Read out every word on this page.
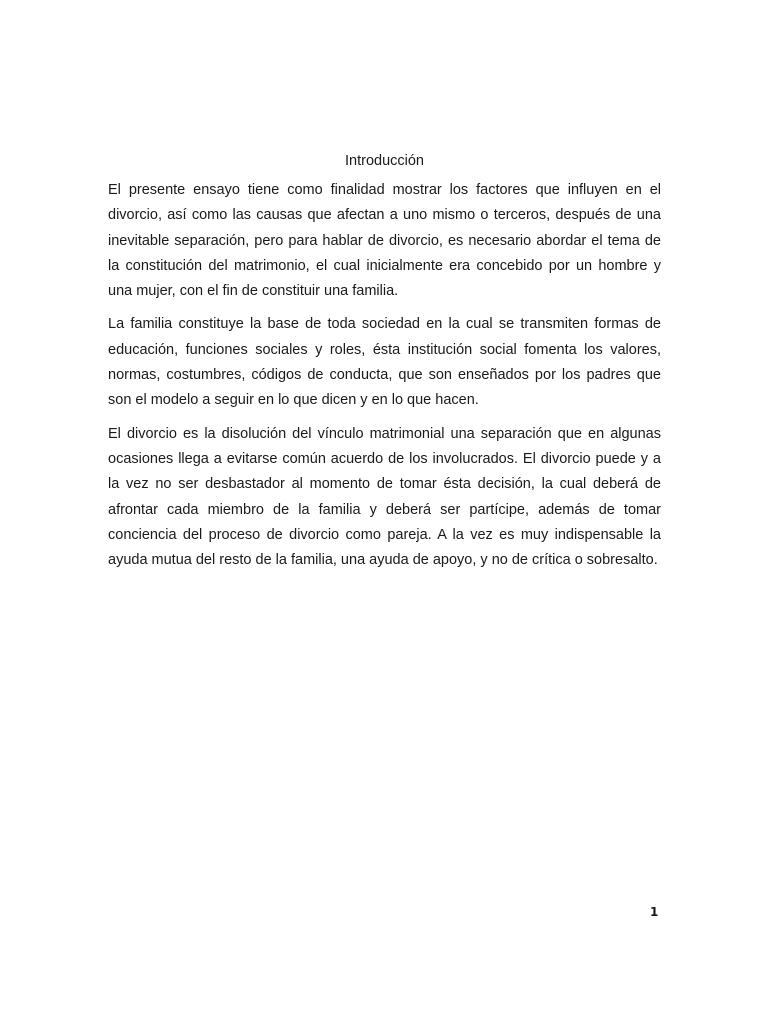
Introducción

El presente ensayo tiene como finalidad mostrar los factores que influyen en el divorcio, así como las causas que afectan a uno mismo o terceros, después de una inevitable separación, pero para hablar de divorcio, es necesario abordar el tema de la constitución del matrimonio, el cual inicialmente era concebido por un hombre y una mujer, con el fin de constituir una familia.

La familia constituye la base de toda sociedad en la cual se transmiten formas de educación, funciones sociales y roles, ésta institución social fomenta los valores, normas, costumbres, códigos de conducta, que son enseñados por los padres que son el modelo a seguir en lo que dicen y en lo que hacen.

El divorcio es la disolución del vínculo matrimonial una separación que en algunas ocasiones llega a evitarse común acuerdo de los involucrados. El divorcio puede y a la vez no ser desbastador al momento de tomar ésta decisión, la cual deberá de afrontar cada miembro de la familia y deberá ser partícipe, además de tomar conciencia del proceso de divorcio como pareja. A la vez es muy indispensable la ayuda mutua del resto de la familia, una ayuda de apoyo, y no de crítica o sobresalto.

1
